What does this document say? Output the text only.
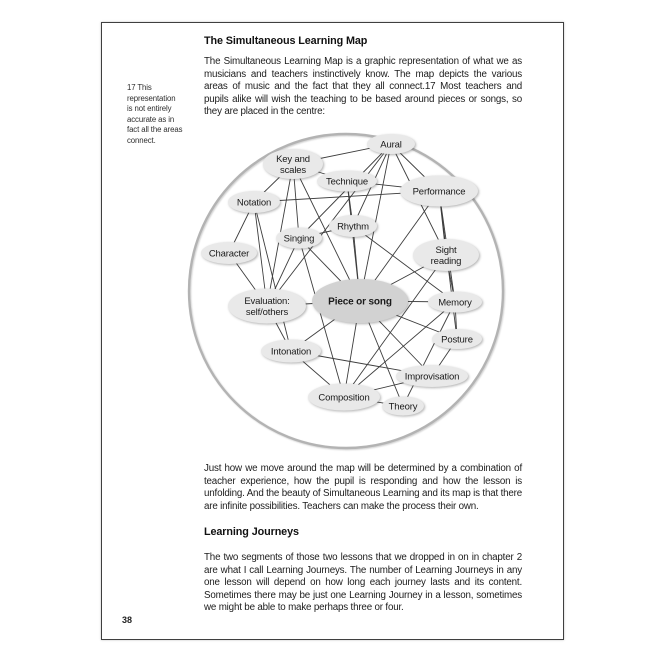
The Simultaneous Learning Map
The Simultaneous Learning Map is a graphic representation of what we as musicians and teachers instinctively know. The map depicts the various areas of music and the fact that they all connect.17 Most teachers and pupils alike will wish the teaching to be based around pieces or songs, so they are placed in the centre:
17 This
representation
is not entirely
accurate as in
fact all the areas
connect.	Aural
Key and
scales
Technique
Performance
Notation
Rhythm
Singing
Character	Sight
reading
Evaluation:
self/others
Piece or song	Memory
Posture
Intonation
Improvisation
Composition
Theory
Just how we move around the map will be determined by a combination of teacher experience, how the pupil is responding and how the lesson is unfolding. And the beauty of Simultaneous Learning and its map is that there are infinite possibilities. Teachers can make the process their own.
Learning Journeys
The two segments of those two lessons that we dropped in on in chapter 2 are what I call Learning Journeys. The number of Learning Journeys in any one lesson will depend on how long each journey lasts and its content. Sometimes there may be just one Learning Journey in a lesson, sometimes we might be able to make perhaps three or four.
38
